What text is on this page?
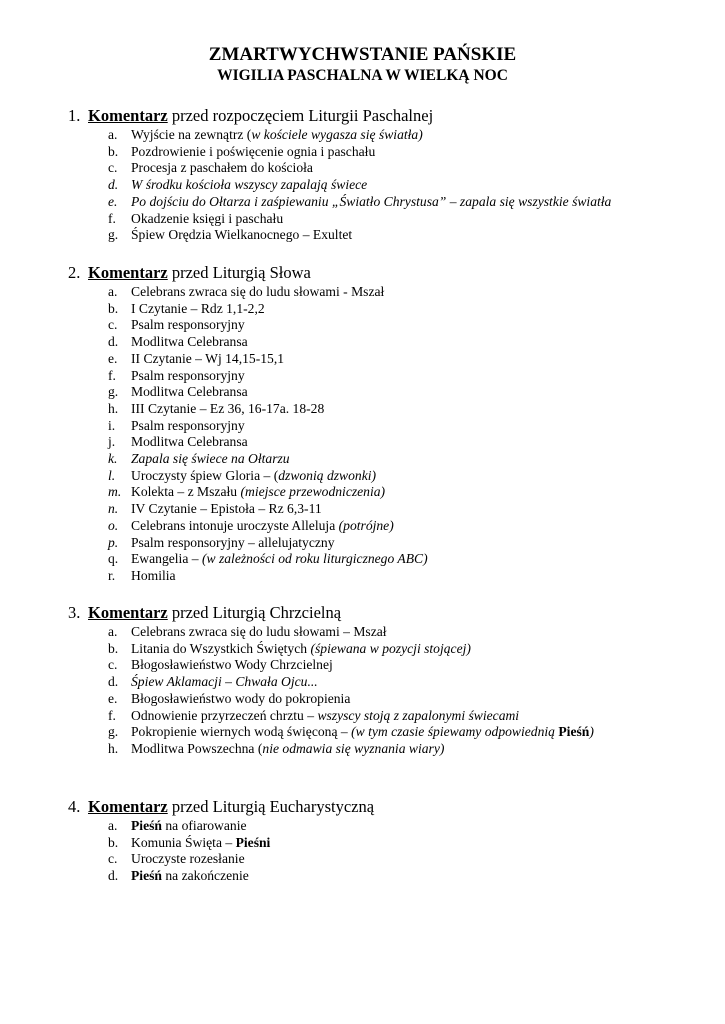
ZMARTWYCHWSTANIE PAŃSKIE
WIGILIA PASCHALNA W WIELKĄ NOC
1. Komentarz przed rozpoczęciem Liturgii Paschalnej
a. Wyjście na zewnątrz (w kościele wygasza się światła)
b. Pozdrowienie i poświęcenie ognia i paschału
c. Procesja z paschałem do kościoła
d. W środku kościoła wszyscy zapalają świece
e. Po dojściu do Ołtarza i zaśpiewaniu „Światło Chrystusa” – zapala się wszystkie światła
f. Okadzenie księgi i paschału
g. Śpiew Orędzia Wielkanocnego – Exultet
2. Komentarz przed Liturgią Słowa
a. Celebrans zwraca się do ludu słowami - Mszał
b. I Czytanie – Rdz 1,1-2,2
c. Psalm responsoryjny
d. Modlitwa Celebransa
e. II Czytanie – Wj 14,15-15,1
f. Psalm responsoryjny
g. Modlitwa Celebransa
h. III Czytanie – Ez 36, 16-17a. 18-28
i. Psalm responsoryjny
j. Modlitwa Celebransa
k. Zapala się świece na Ołtarzu
l. Uroczysty śpiew Gloria – (dzwonią dzwonki)
m. Kolekta – z Mszału (miejsce przewodniczenia)
n. IV Czytanie – Epistoła – Rz 6,3-11
o. Celebrans intonuje uroczyste Alleluja (potrójne)
p. Psalm responsoryjny – allelujatyczny
q. Ewangelia – (w zależności od roku liturgicznego ABC)
r. Homilia
3. Komentarz przed Liturgią Chrzcielną
a. Celebrans zwraca się do ludu słowami – Mszał
b. Litania do Wszystkich Świętych (śpiewana w pozycji stojącej)
c. Błogosławieństwo Wody Chrzcielnej
d. Śpiew Aklamacji – Chwała Ojcu...
e. Błogosławieństwo wody do pokropienia
f. Odnowienie przyrzeczeń chrztu – wszyscy stoją z zapalonymi świecami
g. Pokropienie wiernych wodą święconą – (w tym czasie śpiewamy odpowiednią Pieśń)
h. Modlitwa Powszechna (nie odmawia się wyznania wiary)
4. Komentarz przed Liturgią Eucharystyczną
a. Pieśń na ofiarowanie
b. Komunia Święta – Pieśni
c. Uroczyste rozesłanie
d. Pieśń na zakończenie
